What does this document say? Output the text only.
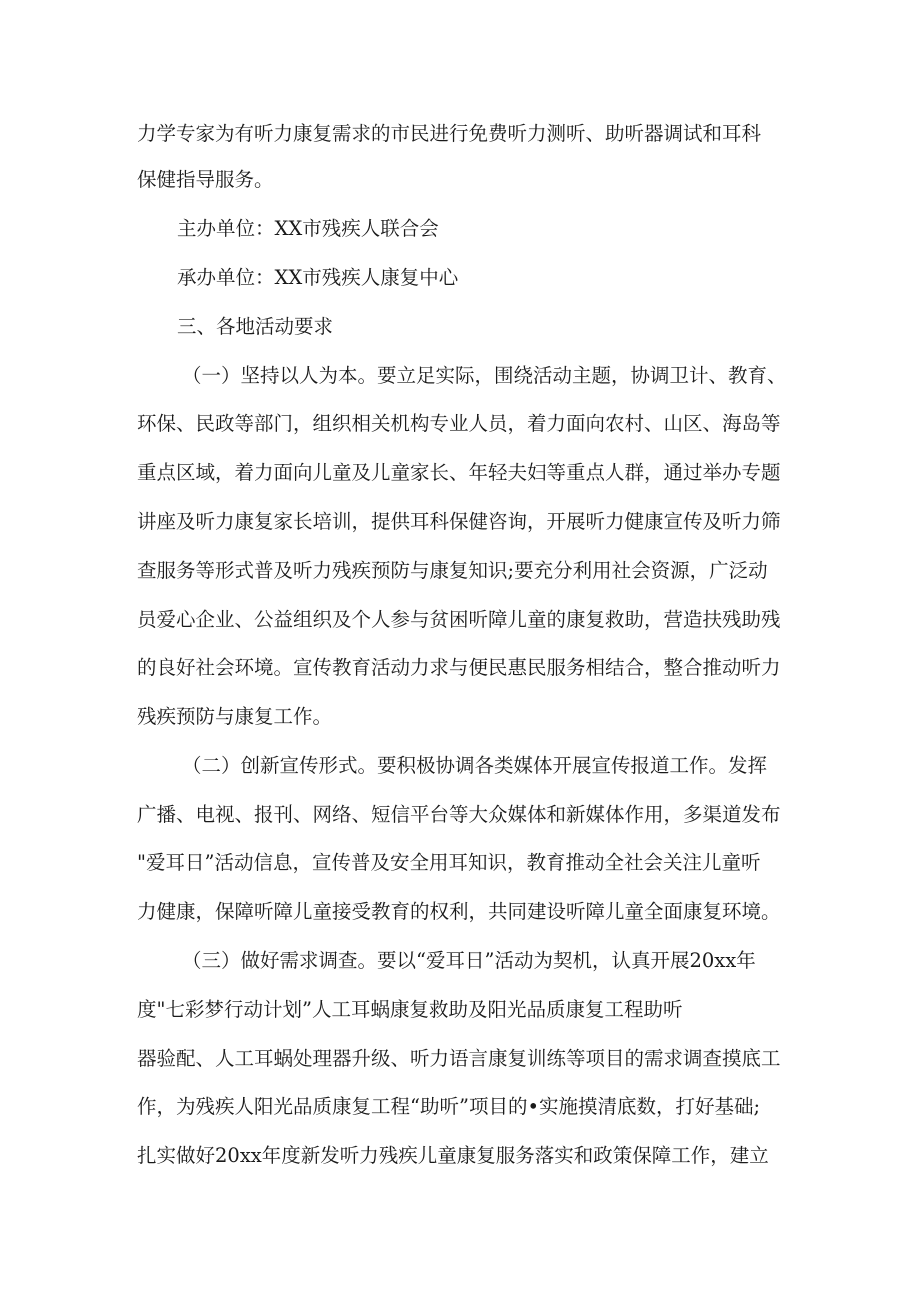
力学专家为有听力康复需求的市民进行免费听力测听、助听器调试和耳科
保健指导服务。
主办单位：XX市残疾人联合会
承办单位：XX市残疾人康复中心
三、各地活动要求
（一）坚持以人为本。要立足实际，围绕活动主题，协调卫计、教育、
环保、民政等部门，组织相关机构专业人员，着力面向农村、山区、海岛等
重点区域，着力面向儿童及儿童家长、年轻夫妇等重点人群，通过举办专题
讲座及听力康复家长培训，提供耳科保健咨询，开展听力健康宣传及听力筛
查服务等形式普及听力残疾预防与康复知识;要充分利用社会资源，广泛动
员爱心企业、公益组织及个人参与贫困听障儿童的康复救助，营造扶残助残
的良好社会环境。宣传教育活动力求与便民惠民服务相结合，整合推动听力
残疾预防与康复工作。
（二）创新宣传形式。要积极协调各类媒体开展宣传报道工作。发挥
广播、电视、报刊、网络、短信平台等大众媒体和新媒体作用，多渠道发布
"爱耳日”活动信息，宣传普及安全用耳知识，教育推动全社会关注儿童听
力健康，保障听障儿童接受教育的权利，共同建设听障儿童全面康复环境。
（三）做好需求调查。要以“爱耳日”活动为契机，认真开展20xx年
度"七彩梦行动计划”人工耳蜗康复救助及阳光品质康复工程助听
器验配、人工耳蜗处理器升级、听力语言康复训练等项目的需求调查摸底工
作，为残疾人阳光品质康复工程“助听”项目的•实施摸清底数，打好基础;
扎实做好20xx年度新发听力残疾儿童康复服务落实和政策保障工作，建立
